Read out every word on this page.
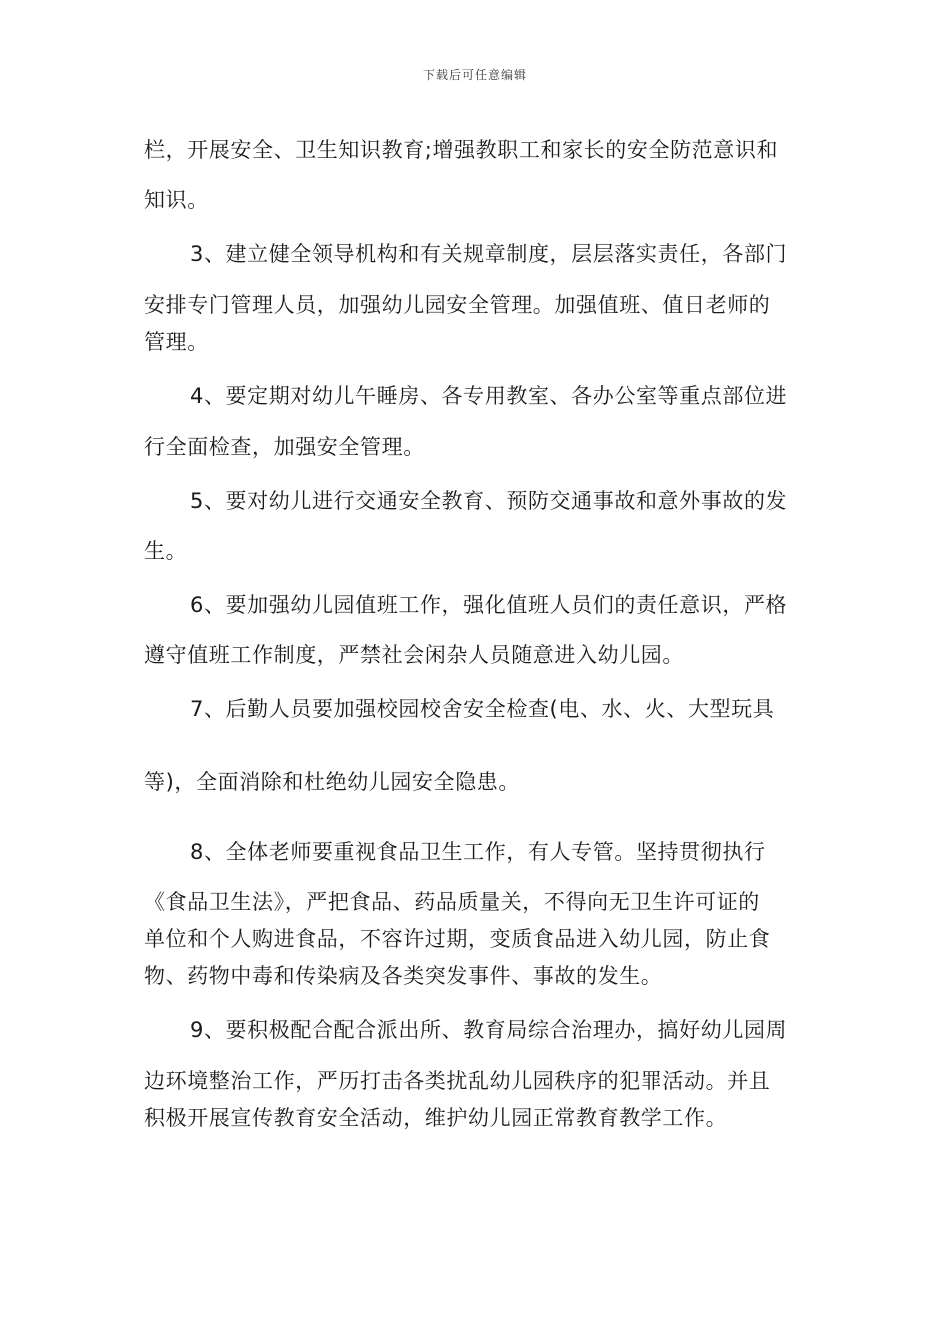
下载后可任意编辑
栏，开展安全、卫生知识教育;增强教职工和家长的安全防范意识和
知识。
3、建立健全领导机构和有关规章制度，层层落实责任，各部门
安排专门管理人员，加强幼儿园安全管理。加强值班、值日老师的
管理。
4、要定期对幼儿午睡房、各专用教室、各办公室等重点部位进
行全面检查，加强安全管理。
5、要对幼儿进行交通安全教育、预防交通事故和意外事故的发
生。
6、要加强幼儿园值班工作，强化值班人员们的责任意识，严格
遵守值班工作制度，严禁社会闲杂人员随意进入幼儿园。
7、后勤人员要加强校园校舍安全检查(电、水、火、大型玩具
等)，全面消除和杜绝幼儿园安全隐患。
8、全体老师要重视食品卫生工作，有人专管。坚持贯彻执行
《食品卫生法》，严把食品、药品质量关，不得向无卫生许可证的
单位和个人购进食品，不容许过期，变质食品进入幼儿园，防止食
物、药物中毒和传染病及各类突发事件、事故的发生。
9、要积极配合配合派出所、教育局综合治理办，搞好幼儿园周
边环境整治工作，严历打击各类扰乱幼儿园秩序的犯罪活动。并且
积极开展宣传教育安全活动，维护幼儿园正常教育教学工作。
